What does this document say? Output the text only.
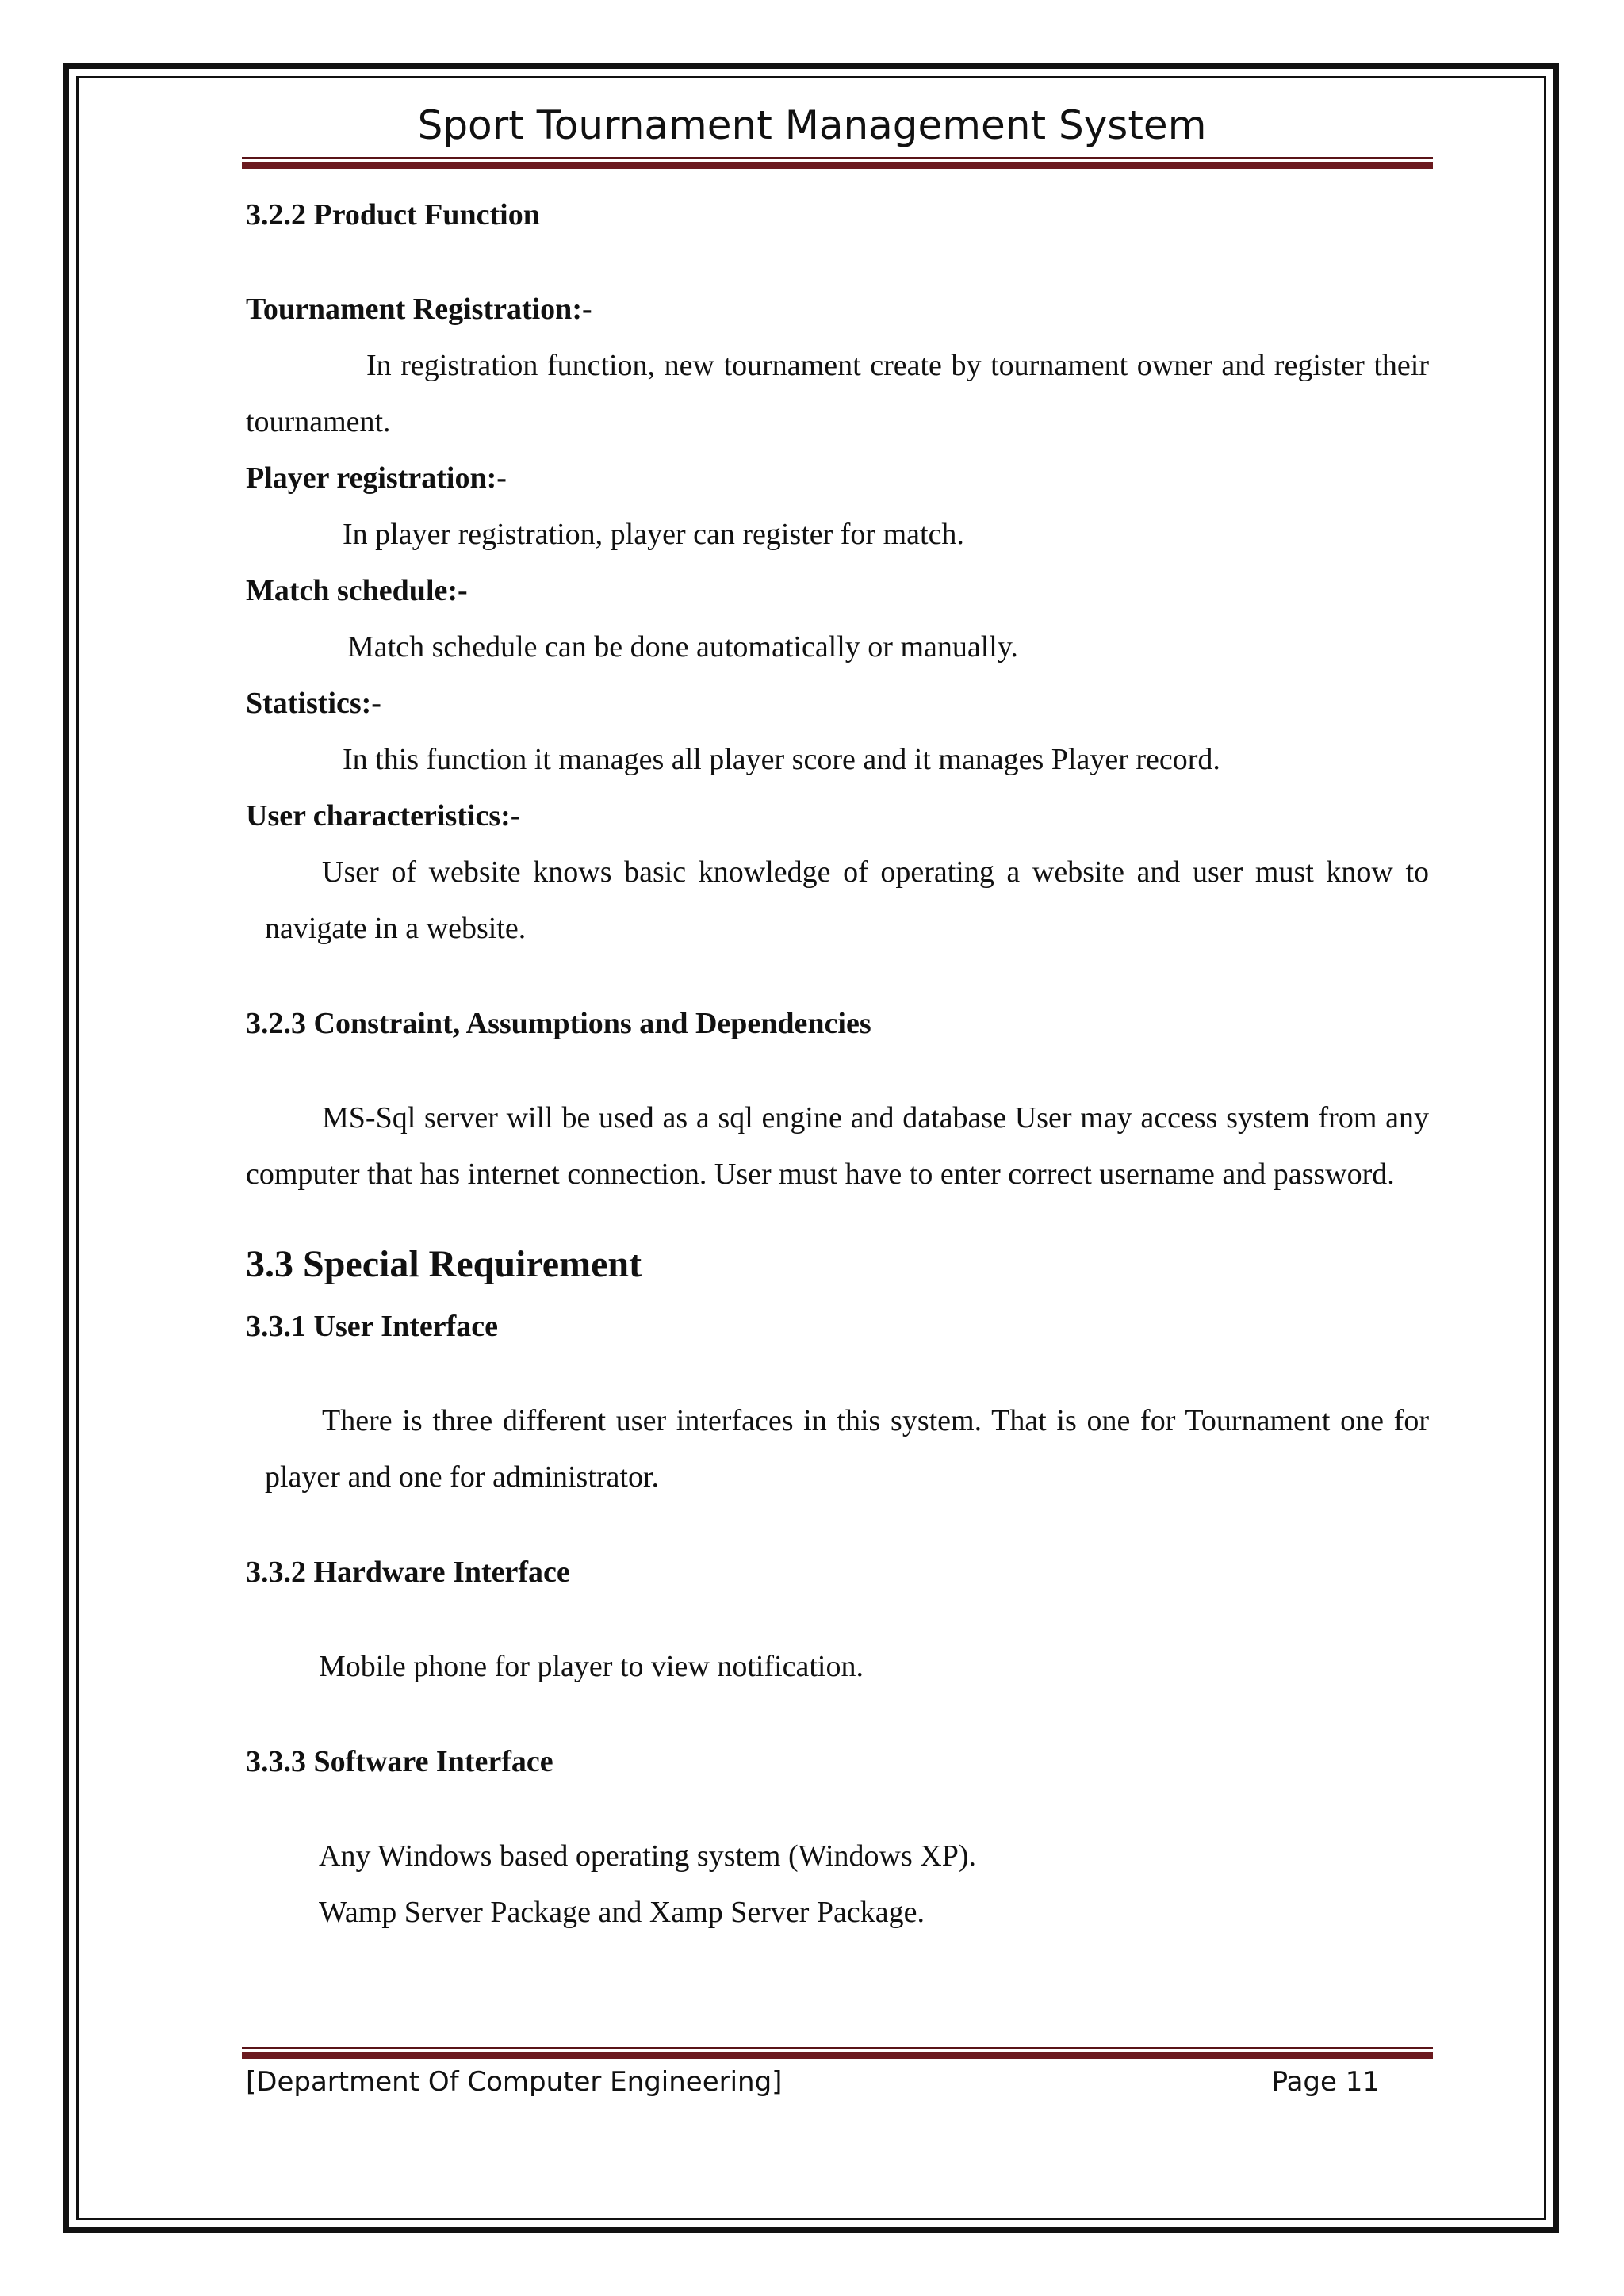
Sport Tournament Management System

3.2.2 Product Function

Tournament Registration:-

In registration function, new tournament create by tournament owner and register their tournament.

Player registration:-

In player registration, player can register for match.

Match schedule:-

Match schedule can be done automatically or manually.

Statistics:-

In this function it manages all player score and it manages Player record.

User characteristics:-

User of website knows basic knowledge of operating a website and user must know to navigate in a website.

3.2.3 Constraint, Assumptions and Dependencies

MS-Sql server will be used as a sql engine and database User may access system from any computer that has internet connection. User must have to enter correct username and password.

3.3 Special Requirement

3.3.1 User Interface

There is three different user interfaces in this system. That is one for Tournament one for player and one for administrator.

3.3.2 Hardware Interface

Mobile phone for player to view notification.

3.3.3 Software Interface

Any Windows based operating system (Windows XP).

Wamp Server Package and Xamp Server Package.

[Department Of Computer Engineering]	Page 11
